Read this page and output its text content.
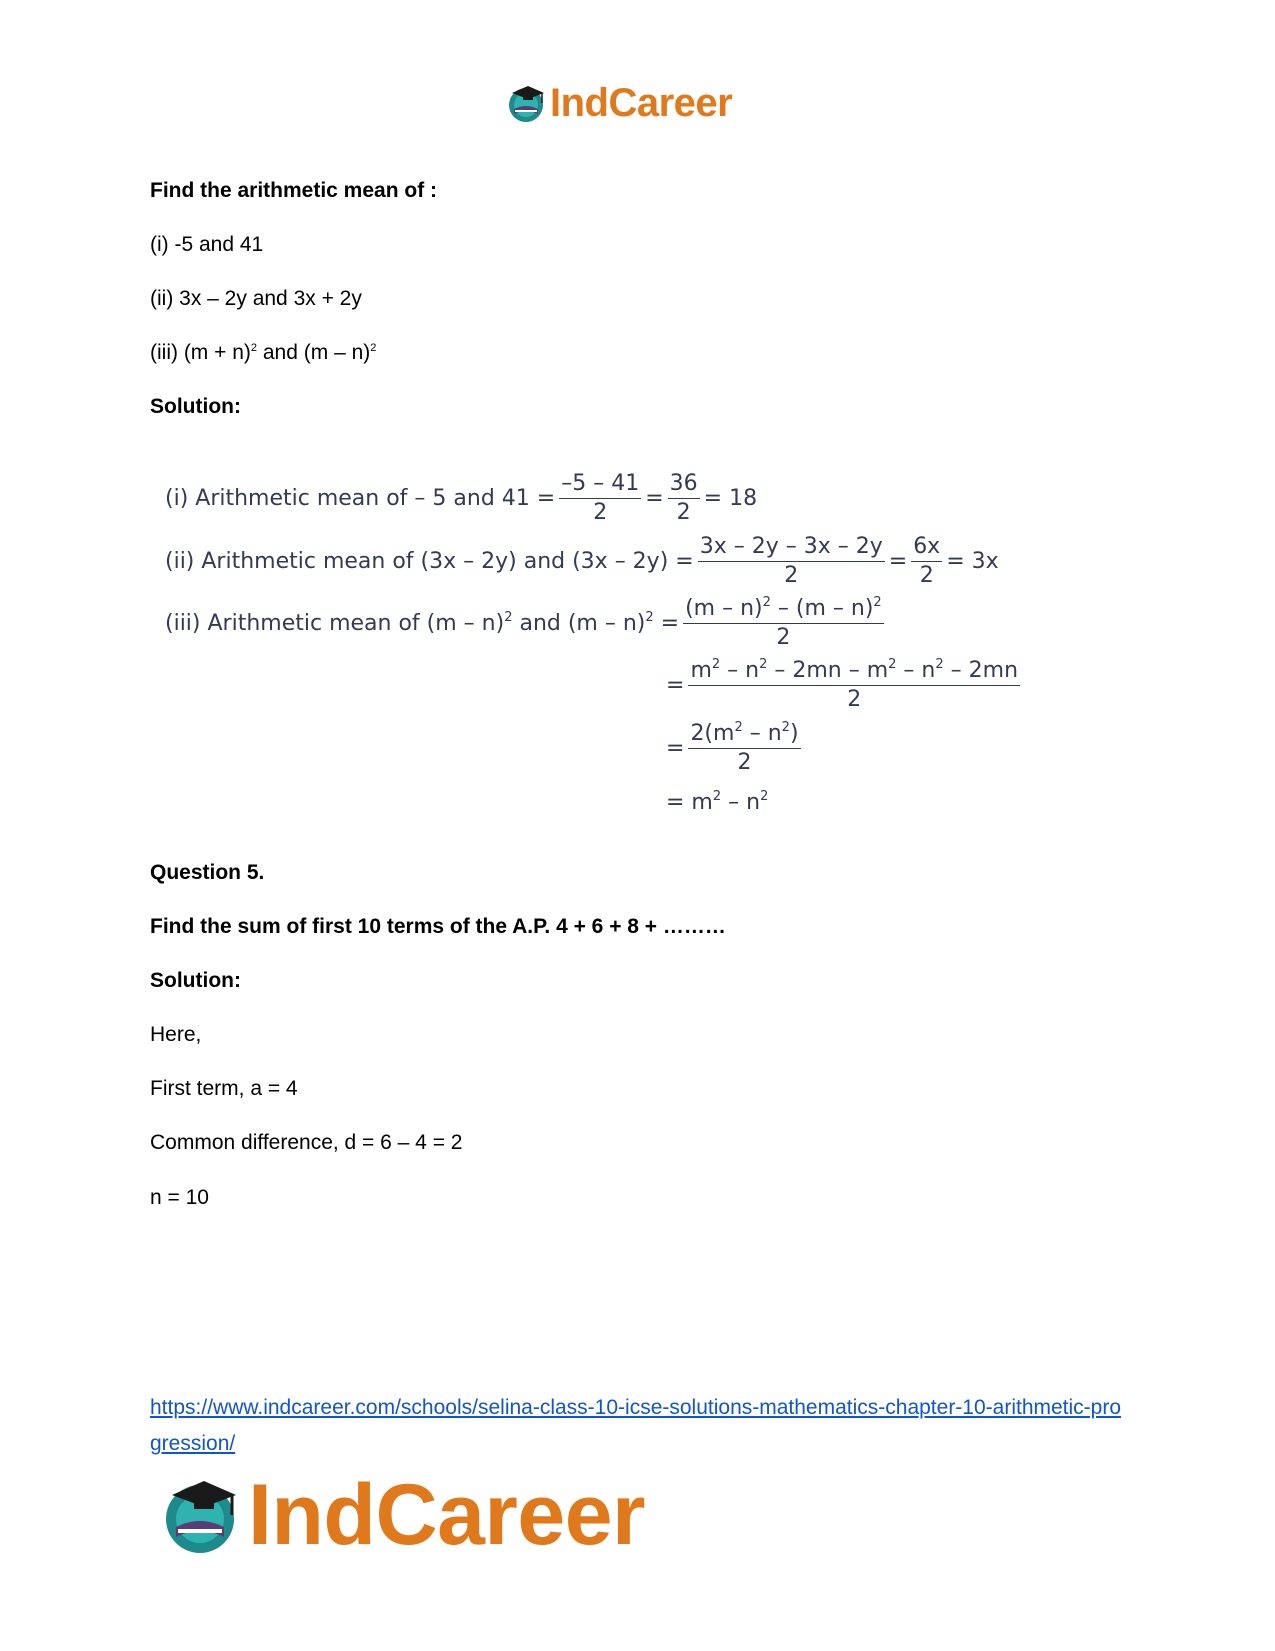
IndCareer
Find the arithmetic mean of :
(i) -5 and 41
(ii) 3x – 2y and 3x + 2y
(iii) $(m + n)^2$ and (m – n)$^2$
Solution:
(i) Arithmetic mean of – 5 and $41 = \frac{-5 - 41}{2} = \frac{36}{2} = 18$
(ii) Arithmetic mean of (3x – 2y) and $(3x - 2y) = \frac{3x - 2y - 3x - 2y}{2} = \frac{6x}{2} = 3x$
(iii) Arithmetic mean of (m – n)$^2$ and $(m - n)^2 = \frac{(m - n)^2 - (m - n)^2}{2}$
= $\frac{m^2 - n^2 - 2mn - m^2 - n^2 - 2mn}{2}$
= $\frac{2(m^2 - n^2)}{2}$
= $m^2 - n^2$
Question 5.
Find the sum of first 10 terms of the A.P. 4 + 6 + 8 + ………
Solution:
Here,
First term, a = 4
Common difference, d = 6 – 4 = 2
n = 10
https://www.indcareer.com/schools/selina-class-10-icse-solutions-mathematics-chapter-10-arithmetic-progression/
IndCareer
